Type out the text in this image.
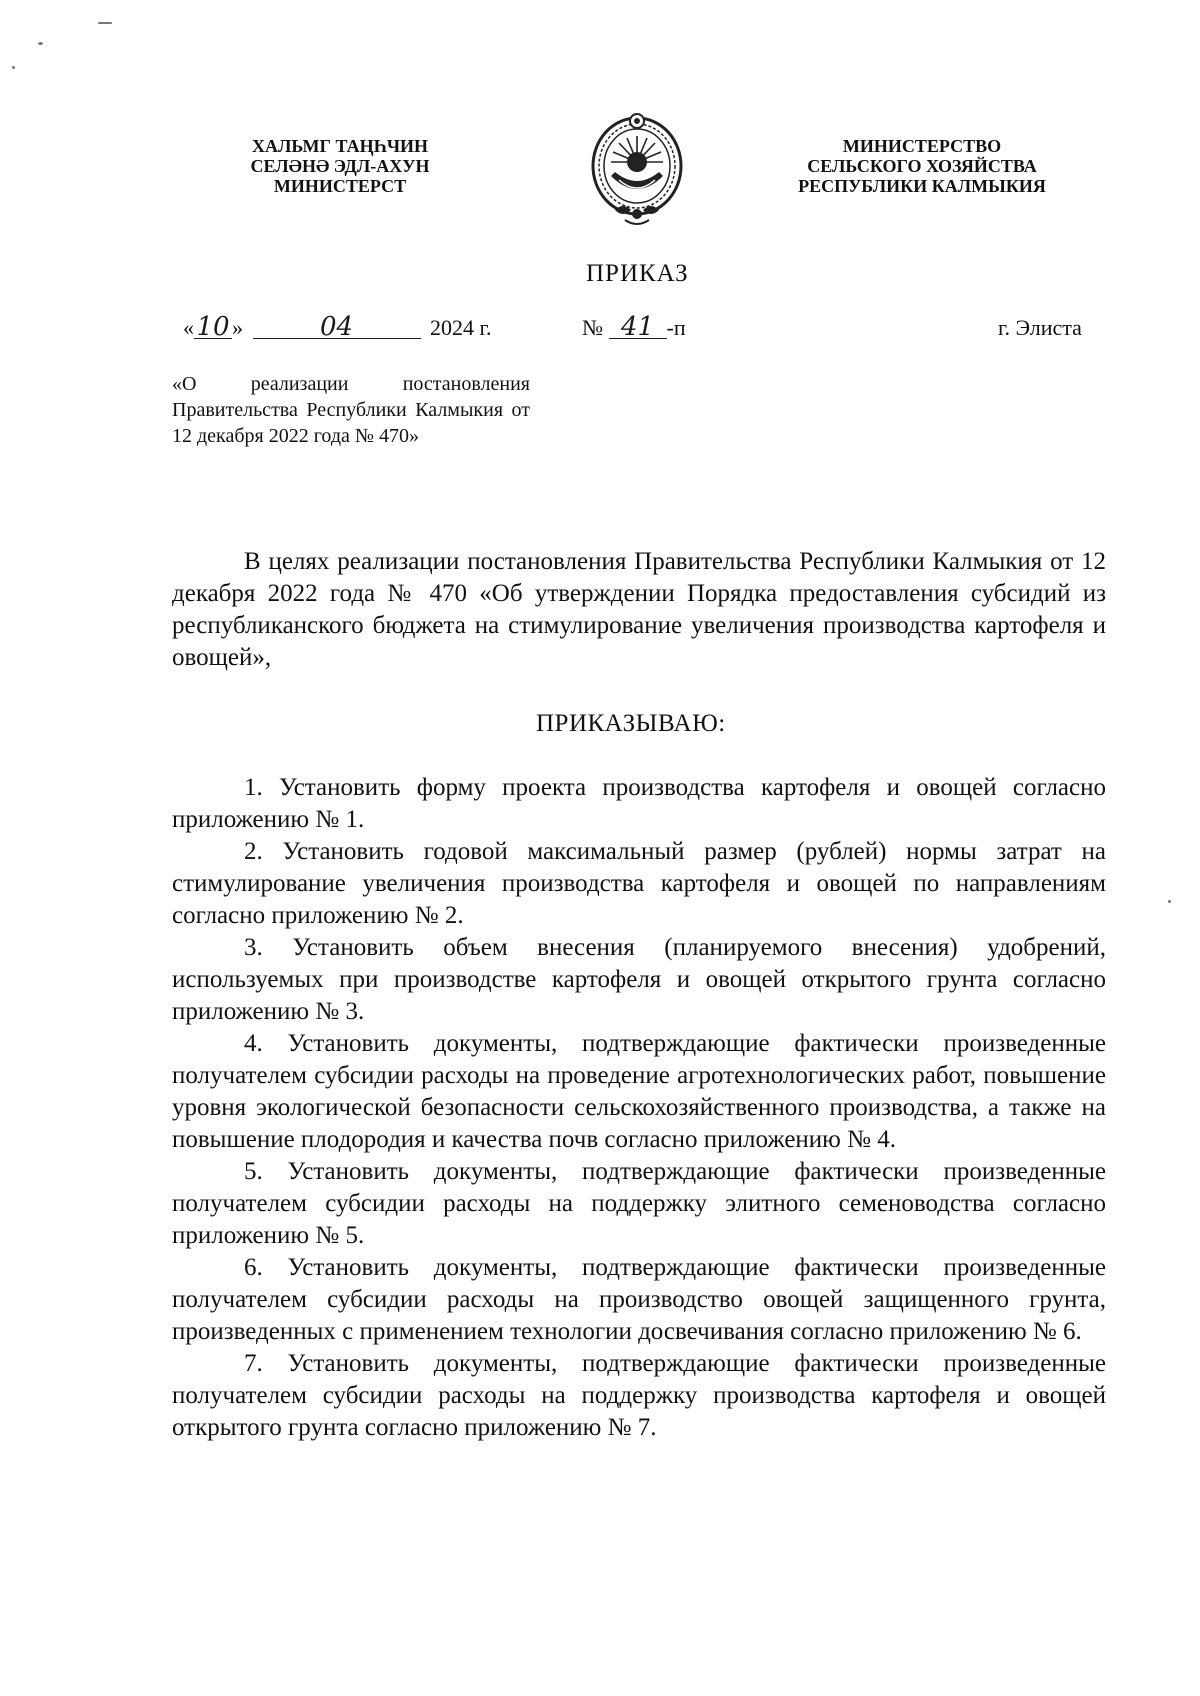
ХАЛЬМГ ТАҢҺЧИН
СЕЛӘНӘ ЭДЛ-АХУН
МИНИСТЕРСТ
МИНИСТЕРСТВО
СЕЛЬСКОГО ХОЗЯЙСТВА
РЕСПУБЛИКИ КАЛМЫКИЯ
ПРИКАЗ
«10 »	04	2024 г.	№ 41 -п	г. Элиста
«О реализации постановления Правительства Республики Калмыкия от 12 декабря 2022 года № 470»

В целях реализации постановления Правительства Республики Калмыкия от 12 декабря 2022 года № 470 «Об утверждении Порядка предоставления субсидий из республиканского бюджета на стимулирование увеличения производства картофеля и овощей»,

ПРИКАЗЫВАЮ:

1. Установить форму проекта производства картофеля и овощей согласно приложению № 1.

2. Установить годовой максимальный размер (рублей) нормы затрат на стимулирование увеличения производства картофеля и овощей по направлениям согласно приложению № 2.

3. Установить объем внесения (планируемого внесения) удобрений, используемых при производстве картофеля и овощей открытого грунта согласно приложению № 3.

4. Установить документы, подтверждающие фактически произведенные получателем субсидии расходы на проведение агротехнологических работ, повышение уровня экологической безопасности сельскохозяйственного производства, а также на повышение плодородия и качества почв согласно приложению № 4.

5. Установить документы, подтверждающие фактически произведенные получателем субсидии расходы на поддержку элитного семеноводства согласно приложению № 5.

6. Установить документы, подтверждающие фактически произведенные получателем субсидии расходы на производство овощей защищенного грунта, произведенных с применением технологии досвечивания согласно приложению № 6.

7. Установить документы, подтверждающие фактически произведенные получателем субсидии расходы на поддержку производства картофеля и овощей открытого грунта согласно приложению № 7.
